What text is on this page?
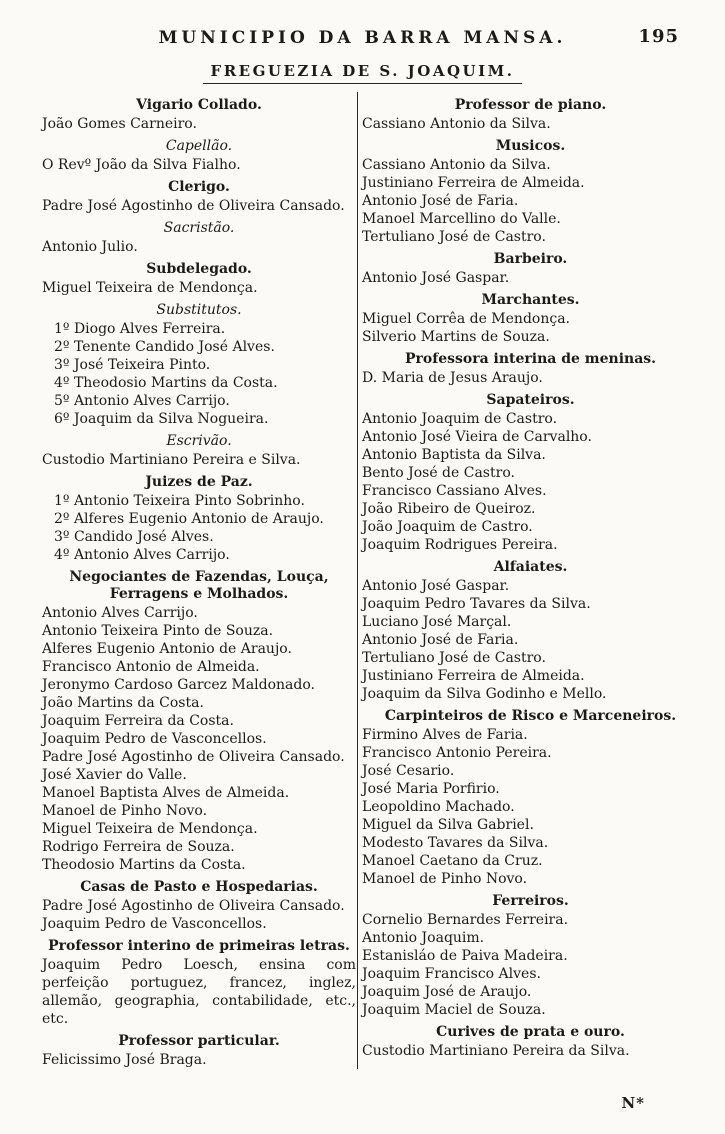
MUNICIPIO DA BARRA MANSA.	195
FREGUEZIA DE S. JOAQUIM.
Vigario Collado.
João Gomes Carneiro.
Capellão.
O Revº João da Silva Fialho.
Clerigo.
Padre José Agostinho de Oliveira Cansado.
Sacristão.
Antonio Julio.
Subdelegado.
Miguel Teixeira de Mendonça.
Substitutos.
1º Diogo Alves Ferreira.
2º Tenente Candido José Alves.
3º José Teixeira Pinto.
4º Theodosio Martins da Costa.
5º Antonio Alves Carrijo.
6º Joaquim da Silva Nogueira.
Escrivão.
Custodio Martiniano Pereira e Silva.
Juizes de Paz.
1º Antonio Teixeira Pinto Sobrinho.
2º Alferes Eugenio Antonio de Araujo.
3º Candido José Alves.
4º Antonio Alves Carrijo.
Negociantes de Fazendas, Louça, Ferragens e Molhados.
Antonio Alves Carrijo.
Antonio Teixeira Pinto de Souza.
Alferes Eugenio Antonio de Araujo.
Francisco Antonio de Almeida.
Jeronymo Cardoso Garcez Maldonado.
João Martins da Costa.
Joaquim Ferreira da Costa.
Joaquim Pedro de Vasconcellos.
Padre José Agostinho de Oliveira Cansado.
José Xavier do Valle.
Manoel Baptista Alves de Almeida.
Manoel de Pinho Novo.
Miguel Teixeira de Mendonça.
Rodrigo Ferreira de Souza.
Theodosio Martins da Costa.
Casas de Pasto e Hospedarias.
Padre José Agostinho de Oliveira Cansado.
Joaquim Pedro de Vasconcellos.
Professor interino de primeiras letras.
Joaquim Pedro Loesch, ensina com perfeição portuguez, francez, inglez, allemão, geographia, contabilidade, etc., etc.
Professor particular.
Felicissimo José Braga.
Professor de piano.
Cassiano Antonio da Silva.
Musicos.
Cassiano Antonio da Silva.
Justiniano Ferreira de Almeida.
Antonio José de Faria.
Manoel Marcellino do Valle.
Tertuliano José de Castro.
Barbeiro.
Antonio José Gaspar.
Marchantes.
Miguel Corrêa de Mendonça.
Silverio Martins de Souza.
Professora interina de meninas.
D. Maria de Jesus Araujo.
Sapateiros.
Antonio Joaquim de Castro.
Antonio José Vieira de Carvalho.
Antonio Baptista da Silva.
Bento José de Castro.
Francisco Cassiano Alves.
João Ribeiro de Queiroz.
João Joaquim de Castro.
Joaquim Rodrigues Pereira.
Alfaiates.
Antonio José Gaspar.
Joaquim Pedro Tavares da Silva.
Luciano José Marçal.
Antonio José de Faria.
Tertuliano José de Castro.
Justiniano Ferreira de Almeida.
Joaquim da Silva Godinho e Mello.
Carpinteiros de Risco e Marceneiros.
Firmino Alves de Faria.
Francisco Antonio Pereira.
José Cesario.
José Maria Porfirio.
Leopoldino Machado.
Miguel da Silva Gabriel.
Modesto Tavares da Silva.
Manoel Caetano da Cruz.
Manoel de Pinho Novo.
Ferreiros.
Cornelio Bernardes Ferreira.
Antonio Joaquim.
Estanisláo de Paiva Madeira.
Joaquim Francisco Alves.
Joaquim José de Araujo.
Joaquim Maciel de Souza.
Curives de prata e ouro.
Custodio Martiniano Pereira da Silva.
N*
